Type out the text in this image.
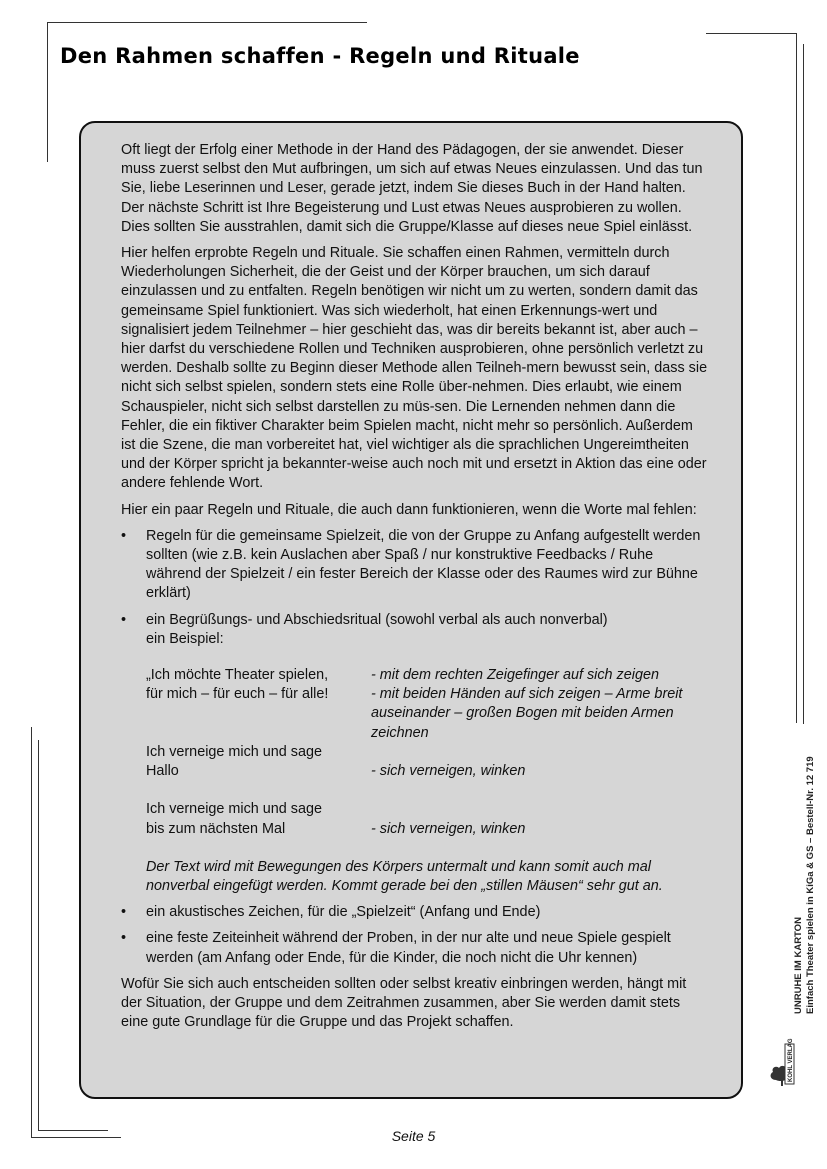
Den Rahmen schaffen - Regeln und Rituale

Oft liegt der Erfolg einer Methode in der Hand des Pädagogen, der sie anwendet. Dieser muss zuerst selbst den Mut aufbringen, um sich auf etwas Neues einzulassen. Und das tun Sie, liebe Leserinnen und Leser, gerade jetzt, indem Sie dieses Buch in der Hand halten. Der nächste Schritt ist Ihre Begeisterung und Lust etwas Neues ausprobieren zu wollen. Dies sollten Sie ausstrahlen, damit sich die Gruppe/Klasse auf dieses neue Spiel einlässt.

Hier helfen erprobte Regeln und Rituale. Sie schaffen einen Rahmen, vermitteln durch Wiederholungen Sicherheit, die der Geist und der Körper brauchen, um sich darauf einzulassen und zu entfalten. Regeln benötigen wir nicht um zu werten, sondern damit das gemeinsame Spiel funktioniert. Was sich wiederholt, hat einen Erkennungs-wert und signalisiert jedem Teilnehmer – hier geschieht das, was dir bereits bekannt ist, aber auch – hier darfst du verschiedene Rollen und Techniken ausprobieren, ohne persönlich verletzt zu werden. Deshalb sollte zu Beginn dieser Methode allen Teilneh-mern bewusst sein, dass sie nicht sich selbst spielen, sondern stets eine Rolle über-nehmen. Dies erlaubt, wie einem Schauspieler, nicht sich selbst darstellen zu müs-sen. Die Lernenden nehmen dann die Fehler, die ein fiktiver Charakter beim Spielen macht, nicht mehr so persönlich. Außerdem ist die Szene, die man vorbereitet hat, viel wichtiger als die sprachlichen Ungereimtheiten und der Körper spricht ja bekannter-weise auch noch mit und ersetzt in Aktion das eine oder andere fehlende Wort.

Hier ein paar Regeln und Rituale, die auch dann funktionieren, wenn die Worte mal fehlen:

• Regeln für die gemeinsame Spielzeit, die von der Gruppe zu Anfang aufgestellt werden sollten (wie z.B. kein Auslachen aber Spaß / nur konstruktive Feedbacks / Ruhe während der Spielzeit / ein fester Bereich der Klasse oder des Raumes wird zur Bühne erklärt)
• ein Begrüßungs- und Abschiedsritual (sowohl verbal als auch nonverbal)
ein Beispiel:
„Ich möchte Theater spielen,	- mit dem rechten Zeigefinger auf sich zeigen
für mich – für euch – für alle!	- mit beiden Händen auf sich zeigen – Arme breit auseinander – großen Bogen mit beiden Armen zeichnen
Ich verneige mich und sage
Hallo	- sich verneigen, winken
Ich verneige mich und sage
bis zum nächsten Mal	- sich verneigen, winken
Der Text wird mit Bewegungen des Körpers untermalt und kann somit auch mal nonverbal eingefügt werden. Kommt gerade bei den „stillen Mäusen“ sehr gut an.
• ein akustisches Zeichen, für die „Spielzeit“ (Anfang und Ende)
• eine feste Zeiteinheit während der Proben, in der nur alte und neue Spiele gespielt werden (am Anfang oder Ende, für die Kinder, die noch nicht die Uhr kennen)

Wofür Sie sich auch entscheiden sollten oder selbst kreativ einbringen werden, hängt mit der Situation, der Gruppe und dem Zeitrahmen zusammen, aber Sie werden damit stets eine gute Grundlage für die Gruppe und das Projekt schaffen.

UNRUHE IM KARTON Einfach Theater spielen in KiGa & GS – Bestell-Nr. 12 719
KOHL VERLAG
Seite 5
